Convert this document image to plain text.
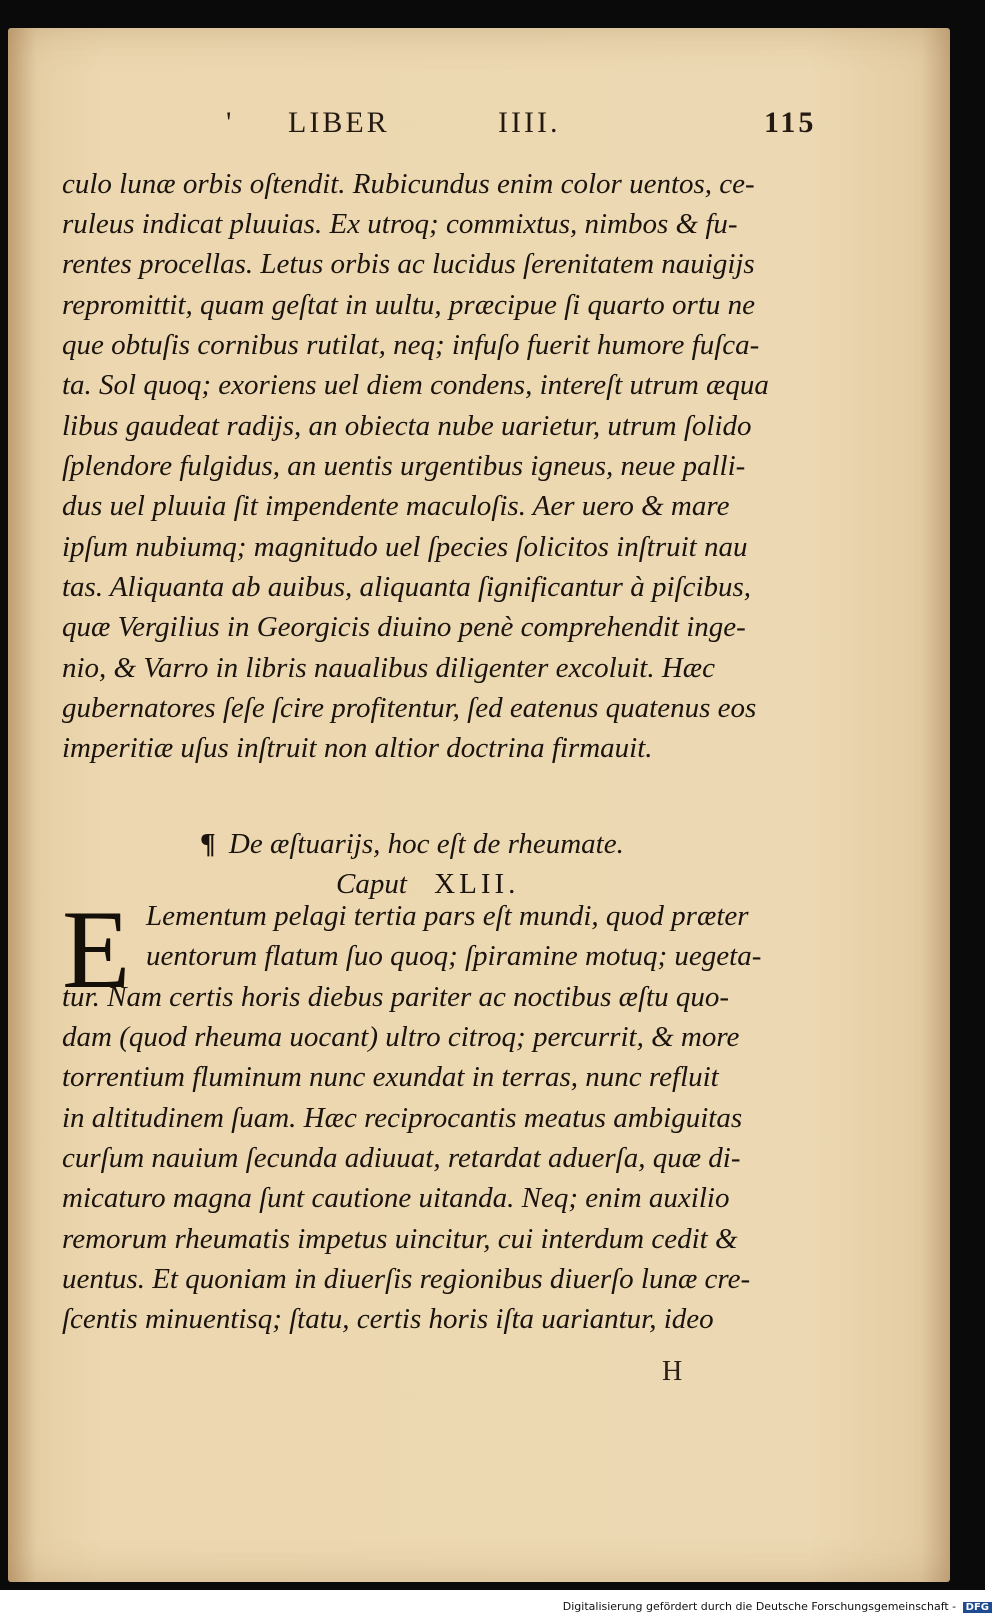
' LIBER	IIII.	115
culo lunæ orbis oſtendit. Rubicundus enim color uentos, ce-
ruleus indicat pluuias. Ex utroq; commixtus, nimbos & fu-
rentes procellas. Letus orbis ac lucidus ſerenitatem nauigijs
repromittit, quam geſtat in uultu, præcipue ſi quarto ortu ne
que obtuſis cornibus rutilat, neq; infuſo fuerit humore fuſca-
ta. Sol quoq; exoriens uel diem condens, intereſt utrum æqua
libus gaudeat radijs, an obiecta nube uarietur, utrum ſolido
ſplendore fulgidus, an uentis urgentibus igneus, neue palli-
dus uel pluuia ſit impendente maculoſis. Aer uero & mare
ipſum nubiumq; magnitudo uel ſpecies ſolicitos inſtruit nau
tas. Aliquanta ab auibus, aliquanta ſignificantur à piſcibus,
quæ Vergilius in Georgicis diuino penè comprehendit inge-
nio, & Varro in libris naualibus diligenter excoluit. Hæc
gubernatores ſeſe ſcire profitentur, ſed eatenus quatenus eos
imperitiæ uſus inſtruit non altior doctrina firmauit.
¶ De æſtuarijs, hoc eſt de rheumate.
Caput XLII.
E Lementum pelagi tertia pars eſt mundi, quod præter
uentorum flatum ſuo quoq; ſpiramine motuq; uegeta-
tur. Nam certis horis diebus pariter ac noctibus æſtu quo-
dam (quod rheuma uocant) ultro citroq; percurrit, & more
torrentium fluminum nunc exundat in terras, nunc refluit
in altitudinem ſuam. Hæc reciprocantis meatus ambiguitas
curſum nauium ſecunda adiuuat, retardat aduerſa, quæ di-
micaturo magna ſunt cautione uitanda. Neq; enim auxilio
remorum rheumatis impetus uincitur, cui interdum cedit &
uentus. Et quoniam in diuerſis regionibus diuerſo lunæ cre-
ſcentis minuentisq; ſtatu, certis horis iſta uariantur, ideo
H
Digitalisierung gefördert durch die Deutsche Forschungsgemeinschaft - DFG
